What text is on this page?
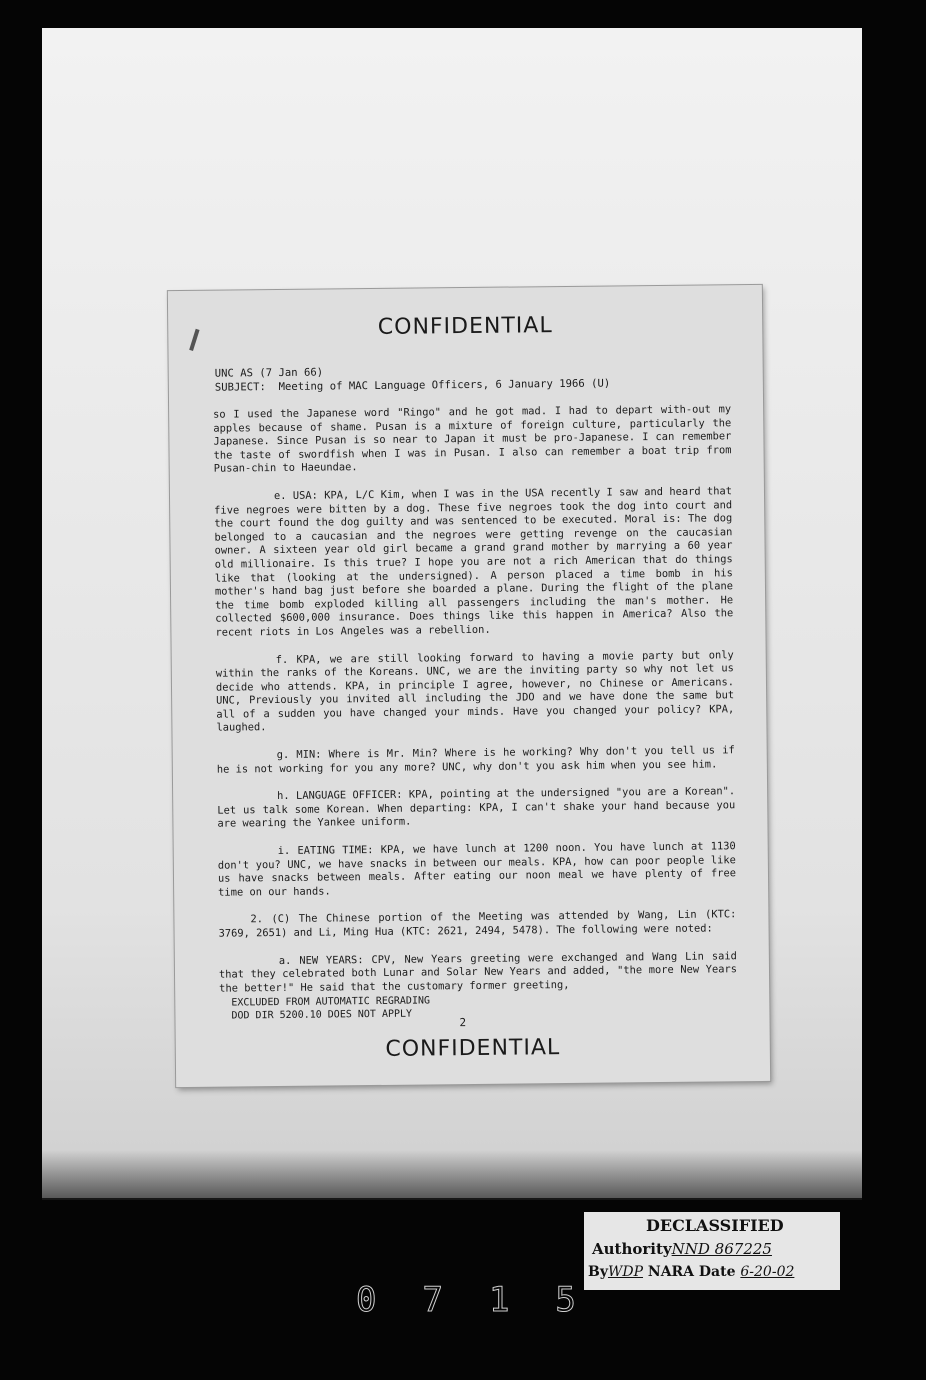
CONFIDENTIAL
UNC AS (7 Jan 66)
SUBJECT:  Meeting of MAC Language Officers, 6 January 1966 (U)

so I used the Japanese word "Ringo" and he got mad. I had to depart with-out my apples because of shame. Pusan is a mixture of foreign culture, particularly the Japanese. Since Pusan is so near to Japan it must be pro-Japanese. I can remember the taste of swordfish when I was in Pusan. I also can remember a boat trip from Pusan-chin to Haeundae.

e. USA: KPA, L/C Kim, when I was in the USA recently I saw and heard that five negroes were bitten by a dog. These five negroes took the dog into court and the court found the dog guilty and was sentenced to be executed. Moral is: The dog belonged to a caucasian and the negroes were getting revenge on the caucasian owner. A sixteen year old girl became a grand grand mother by marrying a 60 year old millionaire. Is this true? I hope you are not a rich American that do things like that (looking at the undersigned). A person placed a time bomb in his mother's hand bag just before she boarded a plane. During the flight of the plane the time bomb exploded killing all passengers including the man's mother. He collected $600,000 insurance. Does things like this happen in America? Also the recent riots in Los Angeles was a rebellion.

f. KPA, we are still looking forward to having a movie party but only within the ranks of the Koreans. UNC, we are the inviting party so why not let us decide who attends. KPA, in principle I agree, however, no Chinese or Americans. UNC, Previously you invited all including the JDO and we have done the same but all of a sudden you have changed your minds. Have you changed your policy? KPA, laughed.

g. MIN: Where is Mr. Min? Where is he working? Why don't you tell us if he is not working for you any more? UNC, why don't you ask him when you see him.

h. LANGUAGE OFFICER: KPA, pointing at the undersigned "you are a Korean". Let us talk some Korean. When departing: KPA, I can't shake your hand because you are wearing the Yankee uniform.

i. EATING TIME: KPA, we have lunch at 1200 noon. You have lunch at 1130 don't you? UNC, we have snacks in between our meals. KPA, how can poor people like us have snacks between meals. After eating our noon meal we have plenty of free time on our hands.

2. (C) The Chinese portion of the Meeting was attended by Wang, Lin (KTC: 3769, 2651) and Li, Ming Hua (KTC: 2621, 2494, 5478). The following were noted:

a. NEW YEARS: CPV, New Years greeting were exchanged and Wang Lin said that they celebrated both Lunar and Solar New Years and added, "the more New Years the better!" He said that the customary former greeting,

EXCLUDED FROM AUTOMATIC REGRADING
DOD DIR 5200.10 DOES NOT APPLY
2
CONFIDENTIAL
DECLASSIFIED
AuthorityNND 867225
ByWDP NARA Date 6-20-02
0715
